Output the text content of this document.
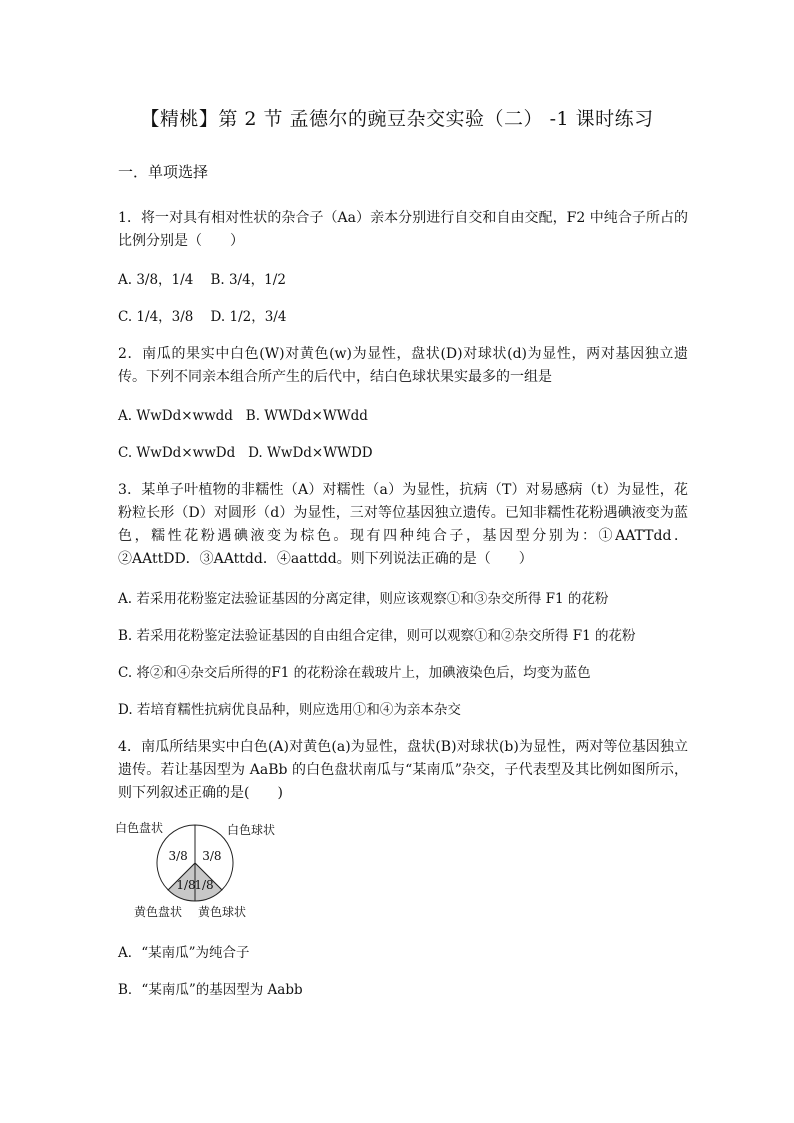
【精桃】第 2 节 孟德尔的豌豆杂交实验（二） -1 课时练习
一．单项选择
1．将一对具有相对性状的杂合子（Aa）亲本分别进行自交和自由交配，F2 中纯合子所占的比例分别是（　　）
A. 3/8，1/4    B. 3/4，1/2
C. 1/4，3/8    D. 1/2，3/4
2．南瓜的果实中白色(W)对黄色(w)为显性，盘状(D)对球状(d)为显性，两对基因独立遗传。下列不同亲本组合所产生的后代中，结白色球状果实最多的一组是
A. WwDd×wwdd   B. WWDd×WWdd
C. WwDd×wwDd   D. WwDd×WWDD
3．某单子叶植物的非糯性（A）对糯性（a）为显性，抗病（T）对易感病（t）为显性，花粉粒长形（D）对圆形（d）为显性，三对等位基因独立遗传。已知非糯性花粉遇碘液变为蓝色，糯性花粉遇碘液变为棕色。现有四种纯合子，基因型分别为：①AATTdd．②AAttDD．③AAttdd．④aattdd。则下列说法正确的是（　　）
A. 若采用花粉鉴定法验证基因的分离定律，则应该观察①和③杂交所得 F1 的花粉
B. 若采用花粉鉴定法验证基因的自由组合定律，则可以观察①和②杂交所得 F1 的花粉
C. 将②和④杂交后所得的F1 的花粉涂在载玻片上，加碘液染色后，均变为蓝色
D. 若培育糯性抗病优良品种，则应选用①和④为亲本杂交
4．南瓜所结果实中白色(A)对黄色(a)为显性，盘状(B)对球状(b)为显性，两对等位基因独立遗传。若让基因型为 AaBb 的白色盘状南瓜与“某南瓜”杂交，子代表型及其比例如图所示，则下列叙述正确的是(　　)
白色盘状	白色球状
黄色盘状 黄色球状
3/8
1/8
1/8
3/8
A．“某南瓜”为纯合子
B．“某南瓜”的基因型为 Aabb
